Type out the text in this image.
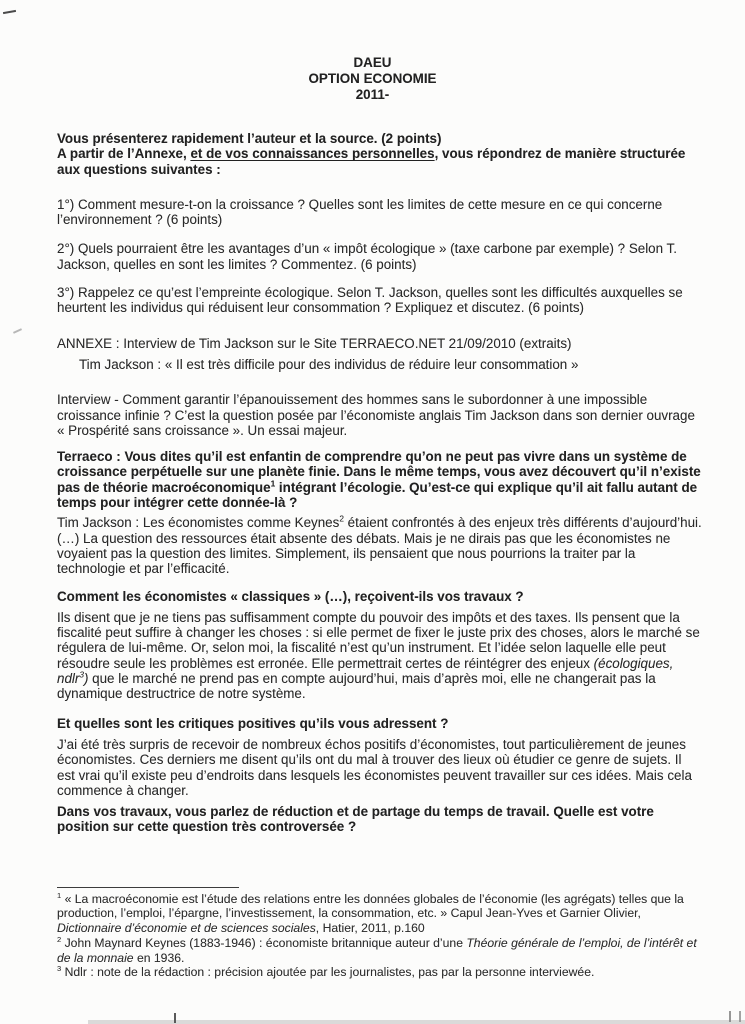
DAEU
OPTION ECONOMIE
2011-

Vous présenterez rapidement l’auteur et la source. (2 points)

A partir de l’Annexe, et de vos connaissances personnelles, vous répondrez de manière structurée aux questions suivantes :

1°) Comment mesure-t-on la croissance ? Quelles sont les limites de cette mesure en ce qui concerne l’environnement ? (6 points)

2°) Quels pourraient être les avantages d’un « impôt écologique » (taxe carbone par exemple) ? Selon T. Jackson, quelles en sont les limites ? Commentez. (6 points)

3°) Rappelez ce qu’est l’empreinte écologique. Selon T. Jackson, quelles sont les difficultés auxquelles se heurtent les individus qui réduisent leur consommation ? Expliquez et discutez. (6 points)

ANNEXE : Interview de Tim Jackson sur le Site TERRAECO.NET 21/09/2010 (extraits)

Tim Jackson : « Il est très difficile pour des individus de réduire leur consommation »

Interview - Comment garantir l’épanouissement des hommes sans le subordonner à une impossible croissance infinie ? C’est la question posée par l’économiste anglais Tim Jackson dans son dernier ouvrage « Prospérité sans croissance ». Un essai majeur.

Terraeco : Vous dites qu’il est enfantin de comprendre qu’on ne peut pas vivre dans un système de croissance perpétuelle sur une planète finie. Dans le même temps, vous avez découvert qu’il n’existe pas de théorie macroéconomique$^1$ intégrant l’écologie. Qu’est-ce qui explique qu’il ait fallu autant de temps pour intégrer cette donnée-là ?

Tim Jackson : Les économistes comme Keynes$^2$ étaient confrontés à des enjeux très différents d’aujourd’hui. (…) La question des ressources était absente des débats. Mais je ne dirais pas que les économistes ne voyaient pas la question des limites. Simplement, ils pensaient que nous pourrions la traiter par la technologie et par l’efficacité.

Comment les économistes « classiques » (…), reçoivent-ils vos travaux ?

Ils disent que je ne tiens pas suffisamment compte du pouvoir des impôts et des taxes. Ils pensent que la fiscalité peut suffire à changer les choses : si elle permet de fixer le juste prix des choses, alors le marché se régulera de lui-même. Or, selon moi, la fiscalité n’est qu’un instrument. Et l’idée selon laquelle elle peut résoudre seule les problèmes est erronée. Elle permettrait certes de réintégrer des enjeux (écologiques, ndlr$^3$) que le marché ne prend pas en compte aujourd’hui, mais d’après moi, elle ne changerait pas la dynamique destructrice de notre système.

Et quelles sont les critiques positives qu’ils vous adressent ?

J’ai été très surpris de recevoir de nombreux échos positifs d’économistes, tout particulièrement de jeunes économistes. Ces derniers me disent qu’ils ont du mal à trouver des lieux où étudier ce genre de sujets. Il est vrai qu’il existe peu d’endroits dans lesquels les économistes peuvent travailler sur ces idées. Mais cela commence à changer.

Dans vos travaux, vous parlez de réduction et de partage du temps de travail. Quelle est votre position sur cette question très controversée ?

$^1$ « La macroéconomie est l’étude des relations entre les données globales de l’économie (les agrégats) telles que la production, l’emploi, l’épargne, l’investissement, la consommation, etc. » Capul Jean-Yves et Garnier Olivier, Dictionnaire d’économie et de sciences sociales, Hatier, 2011, p.160

$^2$ John Maynard Keynes (1883-1946) : économiste britannique auteur d’une Théorie générale de l’emploi, de l’intérêt et de la monnaie en 1936.

$^3$ Ndlr : note de la rédaction : précision ajoutée par les journalistes, pas par la personne interviewée.
